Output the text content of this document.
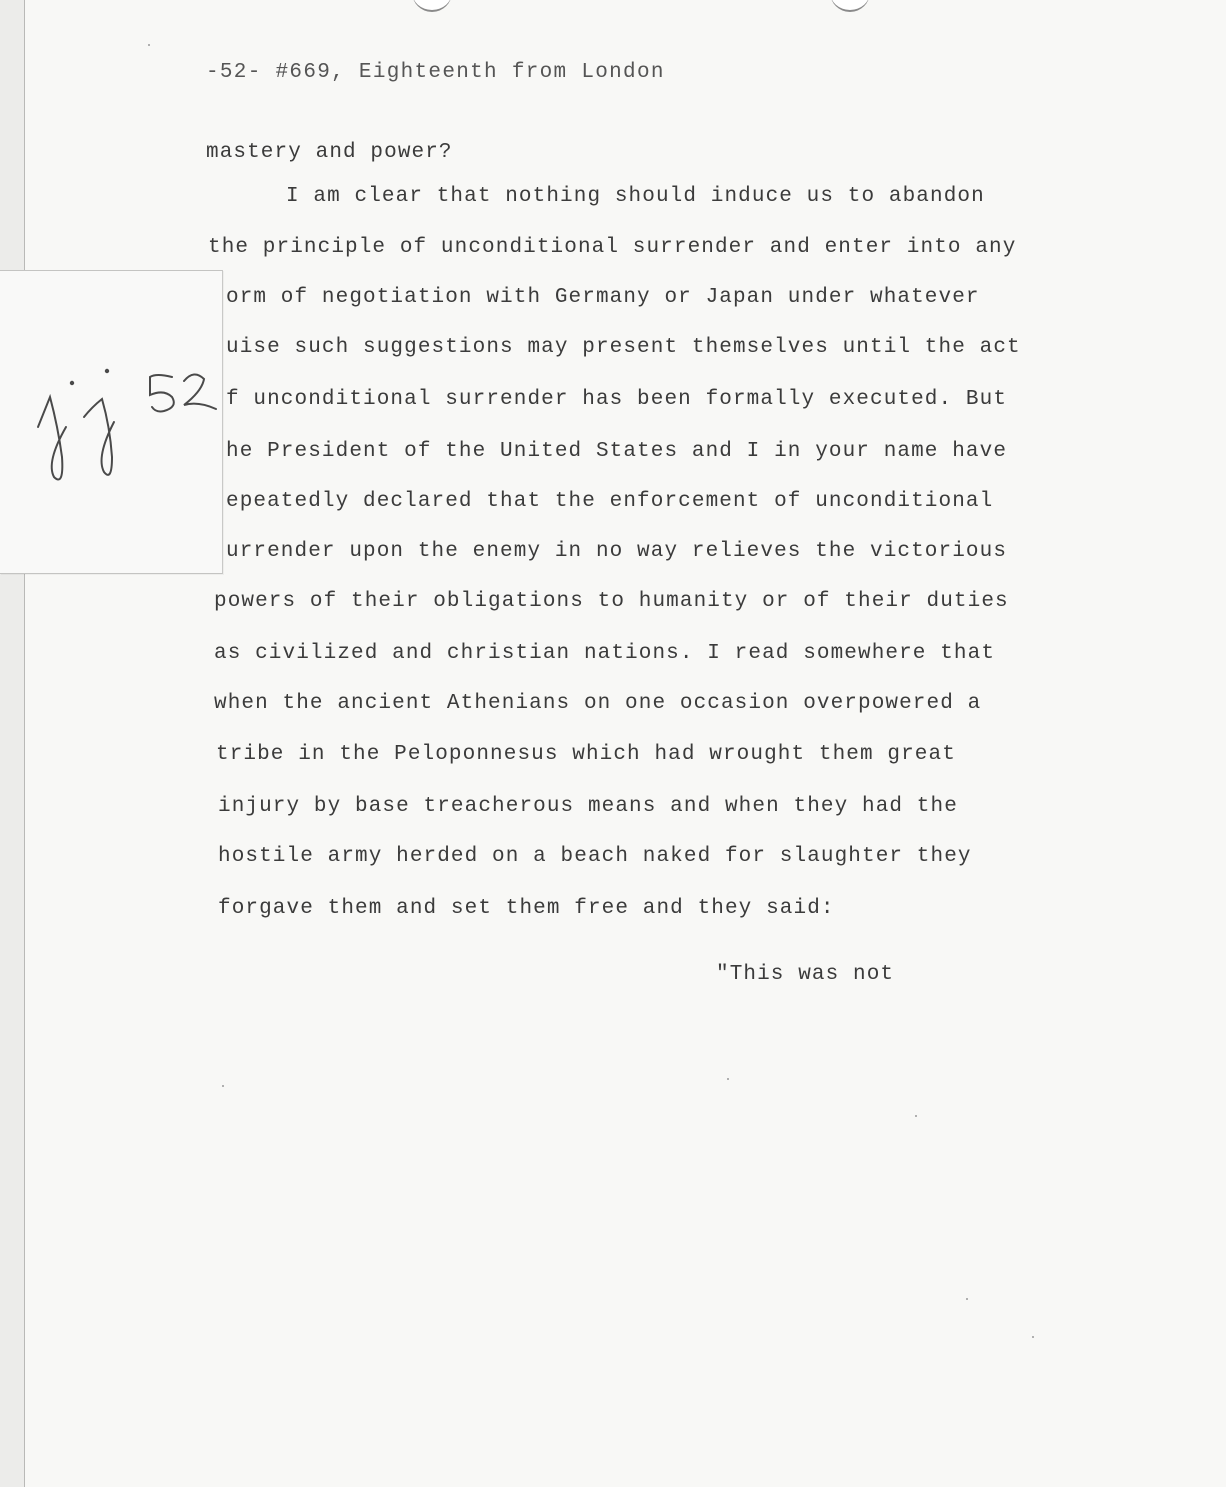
-52- #669, Eighteenth from London
mastery and power?
I am clear that nothing should induce us to abandon
the principle of unconditional surrender and enter into any
orm of negotiation with Germany or Japan under whatever
uise such suggestions may present themselves until the act
f unconditional surrender has been formally executed. But
he President of the United States and I in your name have
epeatedly declared that the enforcement of unconditional
urrender upon the enemy in no way relieves the victorious
powers of their obligations to humanity or of their duties
as civilized and christian nations. I read somewhere that
when the ancient Athenians on one occasion overpowered a
tribe in the Peloponnesus which had wrought them great
injury by base treacherous means and when they had the
hostile army herded on a beach naked for slaughter they
forgave them and set them free and they said:
"This was not
